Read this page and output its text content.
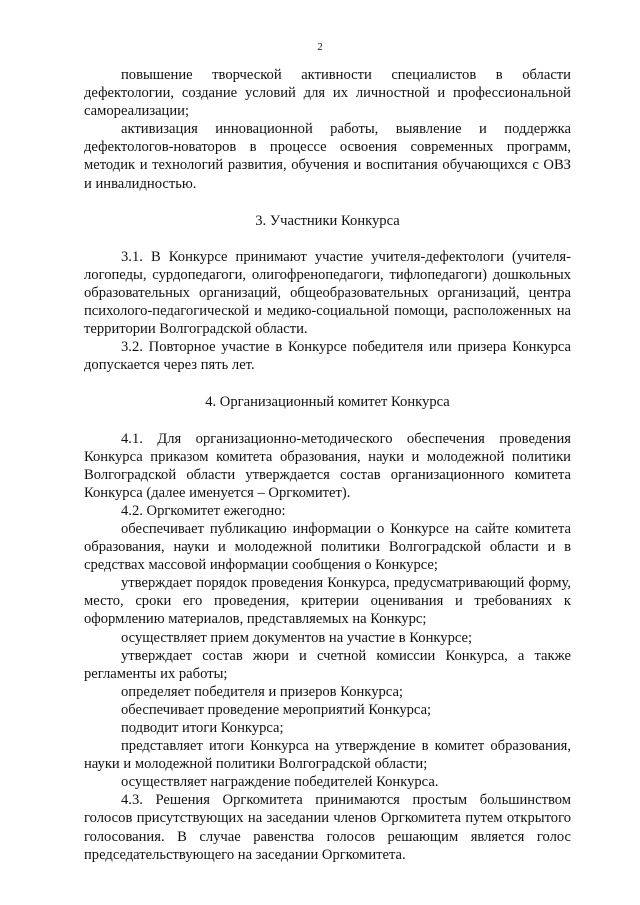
2

повышение творческой активности специалистов в области дефектологии, создание условий для их личностной и профессиональной самореализации;

активизация инновационной работы, выявление и поддержка дефектологов-новаторов в процессе освоения современных программ, методик и технологий развития, обучения и воспитания обучающихся с ОВЗ и инвалидностью.

3. Участники Конкурса

3.1. В Конкурсе принимают участие учителя-дефектологи (учителя-логопеды, сурдопедагоги, олигофренопедагоги, тифлопедагоги) дошкольных образовательных организаций, общеобразовательных организаций, центра психолого-педагогической и медико-социальной помощи, расположенных на территории Волгоградской области.

3.2. Повторное участие в Конкурсе победителя или призера Конкурса допускается через пять лет.

4. Организационный комитет Конкурса

4.1. Для организационно-методического обеспечения проведения Конкурса приказом комитета образования, науки и молодежной политики Волгоградской области утверждается состав организационного комитета Конкурса (далее именуется – Оргкомитет).

4.2. Оргкомитет ежегодно:

обеспечивает публикацию информации о Конкурсе на сайте комитета образования, науки и молодежной политики Волгоградской области и в средствах массовой информации сообщения о Конкурсе;

утверждает порядок проведения Конкурса, предусматривающий форму, место, сроки его проведения, критерии оценивания и требованиях к оформлению материалов, представляемых на Конкурс;

осуществляет прием документов на участие в Конкурсе;

утверждает состав жюри и счетной комиссии Конкурса, а также регламенты их работы;

определяет победителя и призеров Конкурса;

обеспечивает проведение мероприятий Конкурса;

подводит итоги Конкурса;

представляет итоги Конкурса на утверждение в комитет образования, науки и молодежной политики Волгоградской области;

осуществляет награждение победителей Конкурса.

4.3. Решения Оргкомитета принимаются простым большинством голосов присутствующих на заседании членов Оргкомитета путем открытого голосования. В случае равенства голосов решающим является голос председательствующего на заседании Оргкомитета.
